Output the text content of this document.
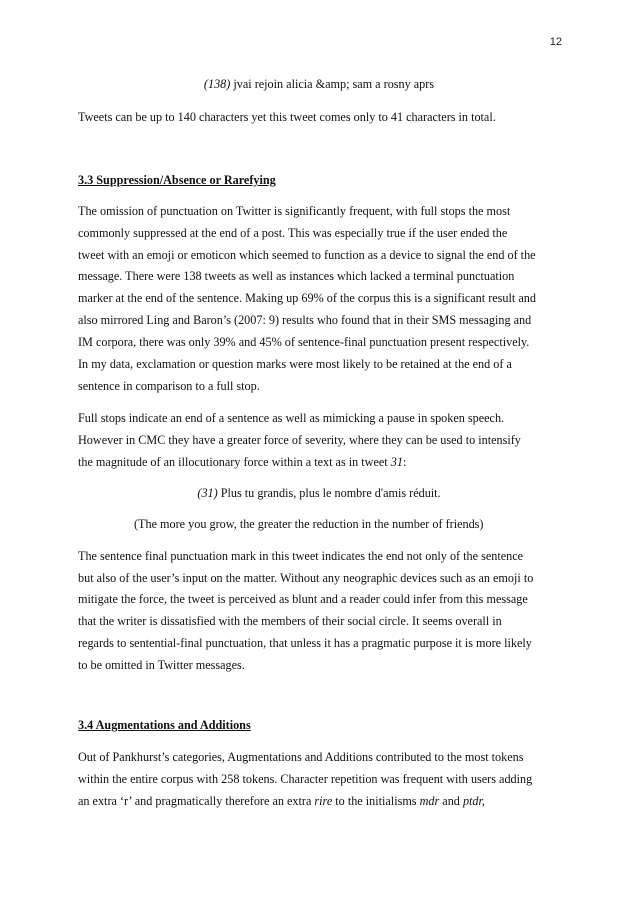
12
(138) jvai rejoin alicia &amp; sam a rosny aprs
Tweets can be up to 140 characters yet this tweet comes only to 41 characters in total.
3.3 Suppression/Absence or Rarefying
The omission of punctuation on Twitter is significantly frequent, with full stops the most
commonly suppressed at the end of a post. This was especially true if the user ended the
tweet with an emoji or emoticon which seemed to function as a device to signal the end of the
message. There were 138 tweets as well as instances which lacked a terminal punctuation
marker at the end of the sentence. Making up 69% of the corpus this is a significant result and
also mirrored Ling and Baron’s (2007: 9) results who found that in their SMS messaging and
IM corpora, there was only 39% and 45% of sentence-final punctuation present respectively.
In my data, exclamation or question marks were most likely to be retained at the end of a
sentence in comparison to a full stop.
Full stops indicate an end of a sentence as well as mimicking a pause in spoken speech.
However in CMC they have a greater force of severity, where they can be used to intensify
the magnitude of an illocutionary force within a text as in tweet 31:
(31) Plus tu grandis, plus le nombre d'amis réduit.
(The more you grow, the greater the reduction in the number of friends)
The sentence final punctuation mark in this tweet indicates the end not only of the sentence
but also of the user’s input on the matter. Without any neographic devices such as an emoji to
mitigate the force, the tweet is perceived as blunt and a reader could infer from this message
that the writer is dissatisfied with the members of their social circle. It seems overall in
regards to sentential-final punctuation, that unless it has a pragmatic purpose it is more likely
to be omitted in Twitter messages.
3.4 Augmentations and Additions
Out of Pankhurst’s categories, Augmentations and Additions contributed to the most tokens
within the entire corpus with 258 tokens. Character repetition was frequent with users adding
an extra ‘r’ and pragmatically therefore an extra rire to the initialisms mdr and ptdr,
